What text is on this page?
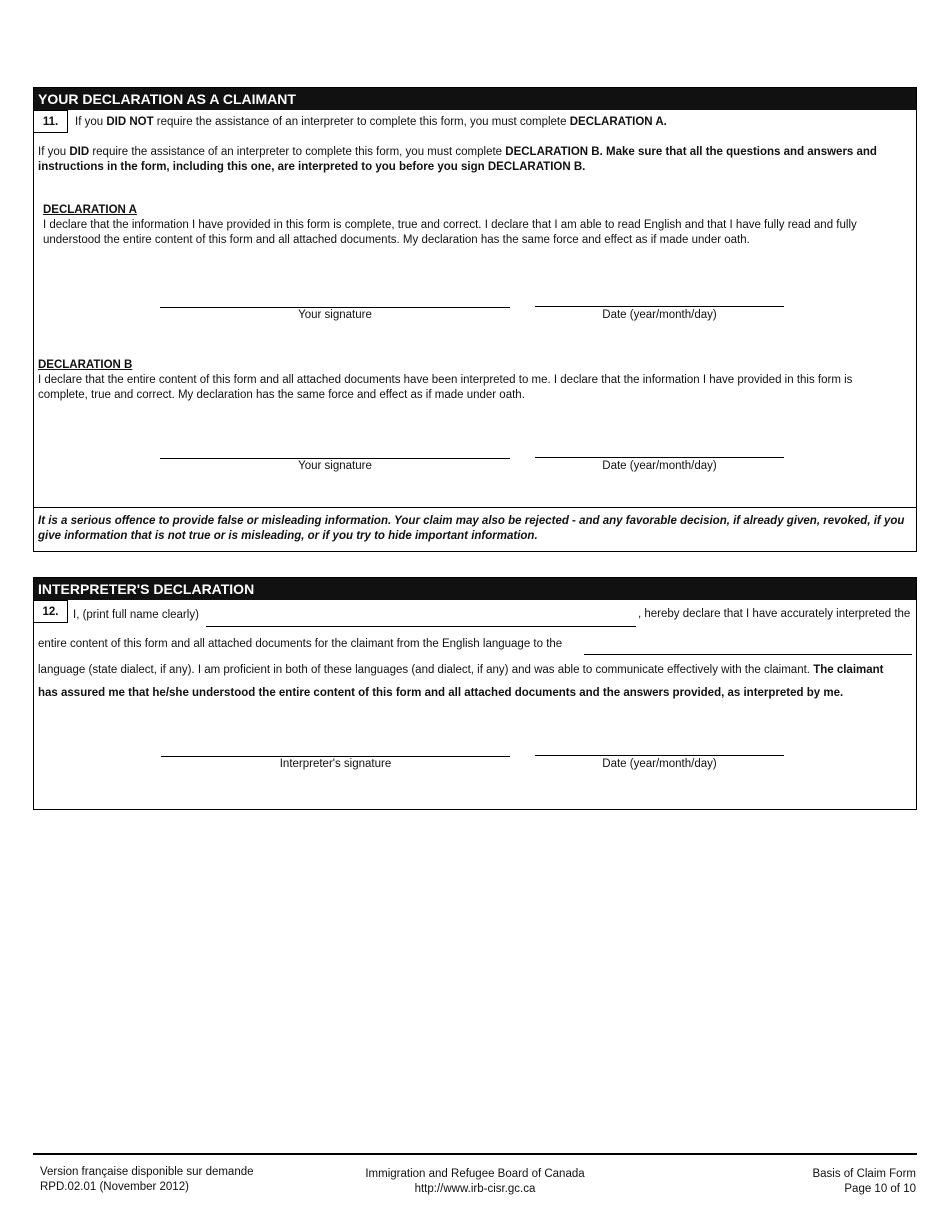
YOUR DECLARATION AS A CLAIMANT
11.	If you DID NOT require the assistance of an interpreter to complete this form, you must complete DECLARATION A.
If you DID require the assistance of an interpreter to complete this form, you must complete DECLARATION B. Make sure that all the questions and answers and instructions in the form, including this one, are interpreted to you before you sign DECLARATION B.
DECLARATION A
I declare that the information I have provided in this form is complete, true and correct. I declare that I am able to read English and that I have fully read and fully understood the entire content of this form and all attached documents. My declaration has the same force and effect as if made under oath.
Your signature	Date (year/month/day)
DECLARATION B
I declare that the entire content of this form and all attached documents have been interpreted to me. I declare that the information I have provided in this form is complete, true and correct. My declaration has the same force and effect as if made under oath.
Your signature	Date (year/month/day)
It is a serious offence to provide false or misleading information. Your claim may also be rejected - and any favorable decision, if already given, revoked, if you give information that is not true or is misleading, or if you try to hide important information.
INTERPRETER'S DECLARATION
12.	I, (print full name clearly)	, hereby declare that I have accurately interpreted the
entire content of this form and all attached documents for the claimant from the English language to the
language (state dialect, if any). I am proficient in both of these languages (and dialect, if any) and was able to communicate effectively with the claimant. The claimant
has assured me that he/she understood the entire content of this form and all attached documents and the answers provided, as interpreted by me.
Interpreter's signature	Date (year/month/day)
Version française disponible sur demande
RPD.02.01 (November 2012)
Immigration and Refugee Board of Canada
http://www.irb-cisr.gc.ca
Basis of Claim Form
Page 10 of 10
